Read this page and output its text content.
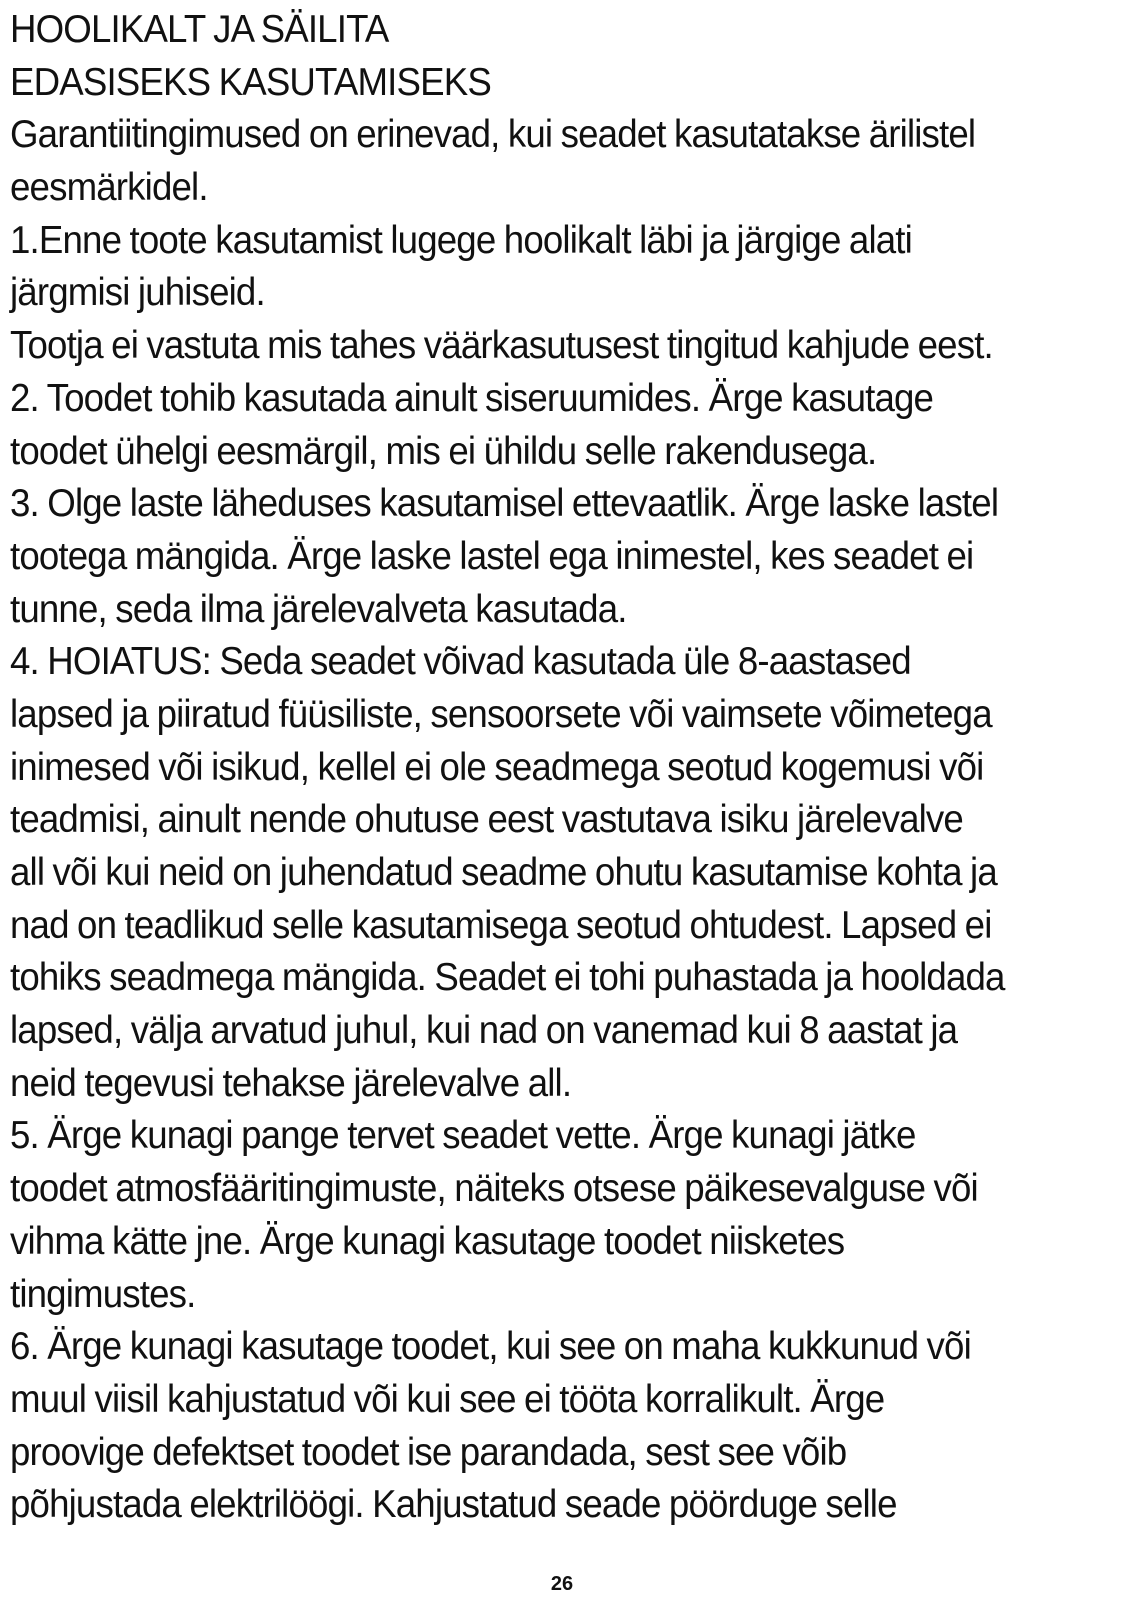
HOOLIKALT JA SÄILITA
EDASISEKS KASUTAMISEKS
Garantiitingimused on erinevad, kui seadet kasutatakse ärilistel
eesmärkidel.
1.Enne toote kasutamist lugege hoolikalt läbi ja järgige alati
järgmisi juhiseid.
Tootja ei vastuta mis tahes väärkasutusest tingitud kahjude eest.
2. Toodet tohib kasutada ainult siseruumides. Ärge kasutage
toodet ühelgi eesmärgil, mis ei ühildu selle rakendusega.
3. Olge laste läheduses kasutamisel ettevaatlik. Ärge laske lastel
tootega mängida. Ärge laske lastel ega inimestel, kes seadet ei
tunne, seda ilma järelevalveta kasutada.
4. HOIATUS: Seda seadet võivad kasutada üle 8-aastased
lapsed ja piiratud füüsiliste, sensoorsete või vaimsete võimetega
inimesed või isikud, kellel ei ole seadmega seotud kogemusi või
teadmisi, ainult nende ohutuse eest vastutava isiku järelevalve
all või kui neid on juhendatud seadme ohutu kasutamise kohta ja
nad on teadlikud selle kasutamisega seotud ohtudest. Lapsed ei
tohiks seadmega mängida. Seadet ei tohi puhastada ja hooldada
lapsed, välja arvatud juhul, kui nad on vanemad kui 8 aastat ja
neid tegevusi tehakse järelevalve all.
5. Ärge kunagi pange tervet seadet vette. Ärge kunagi jätke
toodet atmosfääritingimuste, näiteks otsese päikesevalguse või
vihma kätte jne. Ärge kunagi kasutage toodet niisketes
tingimustes.
6. Ärge kunagi kasutage toodet, kui see on maha kukkunud või
muul viisil kahjustatud või kui see ei tööta korralikult. Ärge
proovige defektset toodet ise parandada, sest see võib
põhjustada elektrilöögi. Kahjustatud seade pöörduge selle
26
